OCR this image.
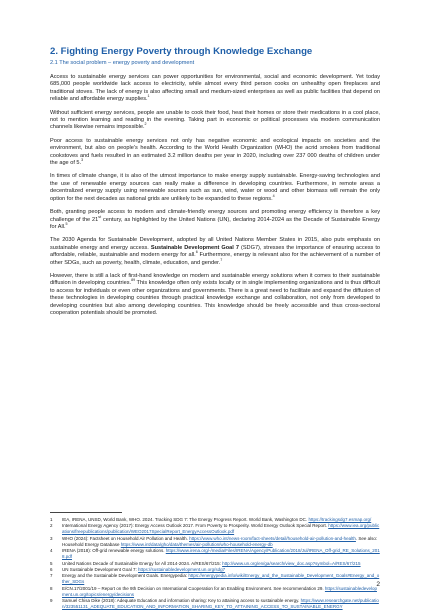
2. Fighting Energy Poverty through Knowledge Exchange
2.1 The social problem – energy poverty and development

Access to sustainable energy services can power opportunities for environmental, social and economic development. Yet today 685,000 people worldwide lack access to electricity, while almost every third person cooks on unhealthy open fireplaces and traditional stoves. The lack of energy is also affecting small and medium-sized enterprises as well as public facilities that depend on reliable and affordable energy supplies.$^1$

Without sufficient energy services, people are unable to cook their food, heat their homes or store their medications in a cool place, not to mention learning and reading in the evening. Taking part in economic or political processes via modern communication channels likewise remains impossible.$^2$

Poor access to sustainable energy services not only has negative economic and ecological impacts on societies and the environment, but also on people's health. According to the World Health Organization (WHO) the acrid smokes from traditional cookstoves and fuels resulted in an estimated 3.2 million deaths per year in 2020, including over 237 000 deaths of children under the age of 5.$^3$

In times of climate change, it is also of the utmost importance to make energy supply sustainable. Energy-saving technologies and the use of renewable energy sources can really make a difference in developing countries. Furthermore, in remote areas a decentralized energy supply using renewable sources such as sun, wind, water or wood and other biomass will remain the only option for the next decades as national grids are unlikely to be expanded to these regions.$^4$

Both, granting people access to modern and climate-friendly energy sources and promoting energy efficiency is therefore a key challenge of the 21st century, as highlighted by the United Nations (UN), declaring 2014-2024 as the Decade of Sustainable Energy for All.$^5$

The 2030 Agenda for Sustainable Development, adopted by all United Nations Member States in 2015, also puts emphasis on sustainable energy and energy access. Sustainable Development Goal 7 (SDG7), stresses the importance of ensuring access to affordable, reliable, sustainable and modern energy for all.$^6$ Furthermore, energy is relevant also for the achievement of a number of other SDGs, such as poverty, health, climate, education, and gender.$^7$

However, there is still a lack of first-hand knowledge on modern and sustainable energy solutions when it comes to their sustainable diffusion in developing countries.$^{89}$ This knowledge often only exists locally or in single implementing organizations and is thus difficult to access for individuals or even other organizations and governments. There is a great need to facilitate and expand the diffusion of these technologies in developing countries through practical knowledge exchange and collaboration, not only from developed to developing countries but also among developing countries. This knowledge should be freely accessible and thus cross-sectoral cooperation potentials should be promoted.

1	IEA, IRENA, UNSD, World Bank, WHO. 2024. Tracking SDG 7: The Energy Progress Report. World Bank, Washington DC. https://trackingsdg7.esmap.org/
2	International Energy Agency (2017): Energy Access Outlook 2017. From Poverty to Prosperity. World Energy Outlook Special Report. https://www.iea.org/publications/freepublications/publication/WEO2017SpecialReport_EnergyAccessOutlook.pdf
3	WHO (2024): Factsheet on Household Air Pollution and Health. https://www.who.int/news-room/fact-sheets/detail/household-air-pollution-and-health. See also: Household Energy Database https://www.int/data/gho/data/themes/air-pollution/who-household-energy-db
4	IRENA (2018): Off-grid renewable energy solutions. https://www.irena.org/-/media/Files/IRENA/Agency/Publication/2018/Jul/IRENA_Off-grid_RE_Solutions_2018.pdf
5	United Nations Decade of Sustainable Energy for All 2014-2024. A/RES/67/215: http://www.un.org/en/ga/search/view_doc.asp?symbol=A/RES/67/215
6	UN Sustainable Development Goal 7: https://sustainabledevelopment.un.org/sdg7
7	Energy and the Sustainable Development Goals. Energypedia: https://energypedia.info/wiki/Energy_and_the_Sustainable_Development_Goals#Energy_and_other_SDGs
8	E/CN.17/2001/19 – Report on the 9th Decision on International Cooperation for an Enabling Environment. See recommendation 29. https://sustainabledevelopment.un.org/topics/energy/decisions
9	Samuel Chisa Dike (2018): Adequate Education and information sharing: Key to attaining access to sustainable energy. https://www.researchgate.net/publication/323551131_ADEQUATE_EDUCATION_AND_INFORMATION_SHARING_KEY_TO_ATTAINING_ACCESS_TO_SUSTAINABLE_ENERGY
2
